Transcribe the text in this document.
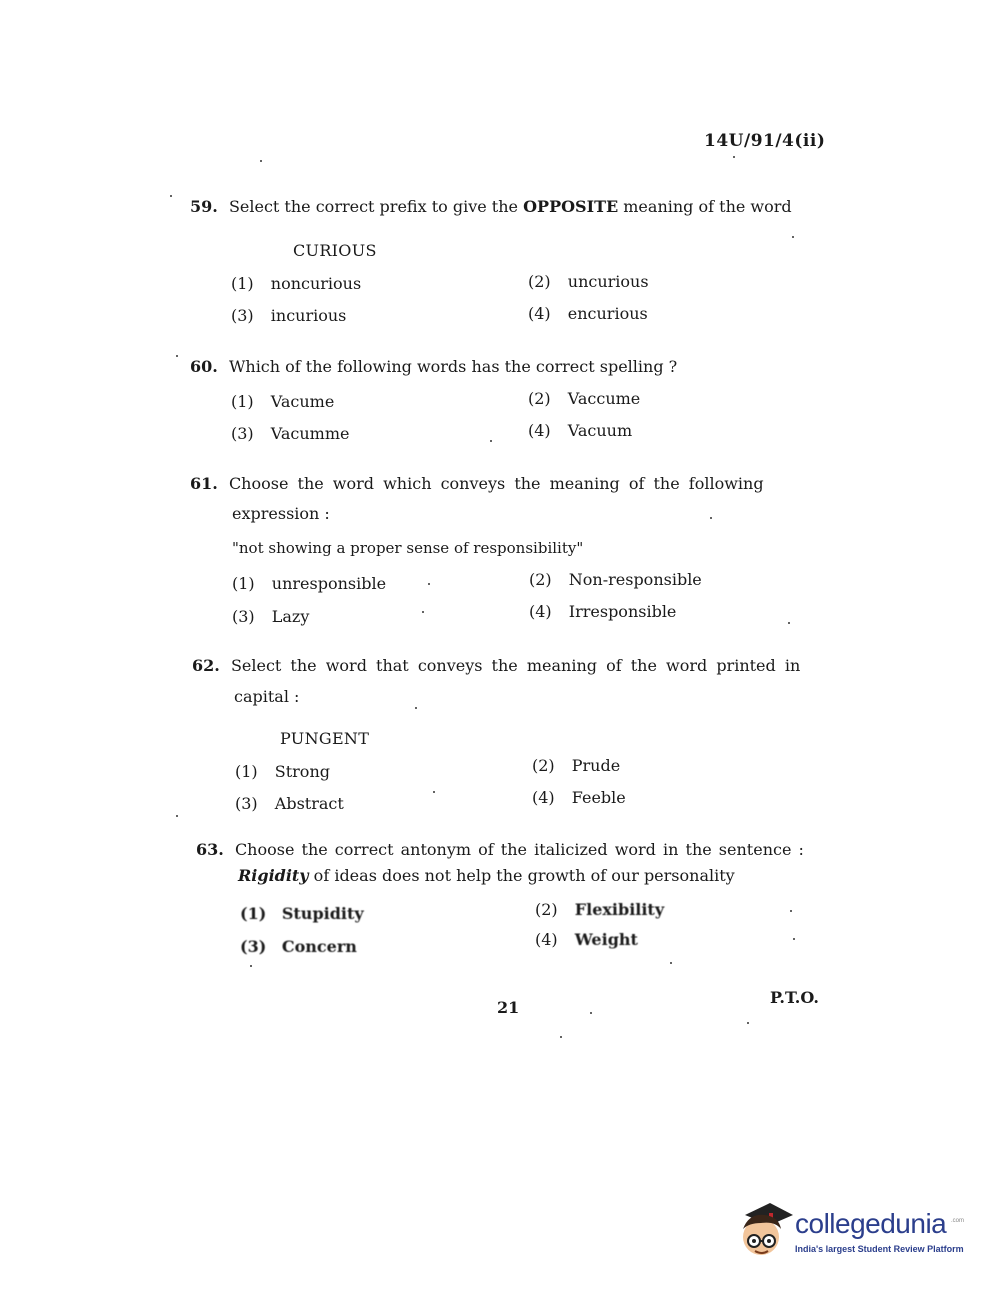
14U/91/4(ii)
59. Select the correct prefix to give the OPPOSITE meaning of the word
CURIOUS
(1) noncurious	(2) uncurious
(3) incurious	(4) encurious
60. Which of the following words has the correct spelling ?
(1) Vacume	(2) Vaccume
(3) Vacumme	(4) Vacuum
61. Choose the word which conveys the meaning of the following
expression :
"not showing a proper sense of responsibility"
(1) unresponsible	(2) Non-responsible
(3) Lazy	(4) Irresponsible
62. Select the word that conveys the meaning of the word printed in
capital :
PUNGENT
(1) Strong	(2) Prude
(3) Abstract	(4) Feeble
63. Choose the correct antonym of the italicized word in the sentence :
Rigidity of ideas does not help the growth of our personality
(1) Stupidity	(2) Flexibility
(3) Concern	(4) Weight
21
P.T.O.
collegedunia .com
India's largest Student Review Platform
